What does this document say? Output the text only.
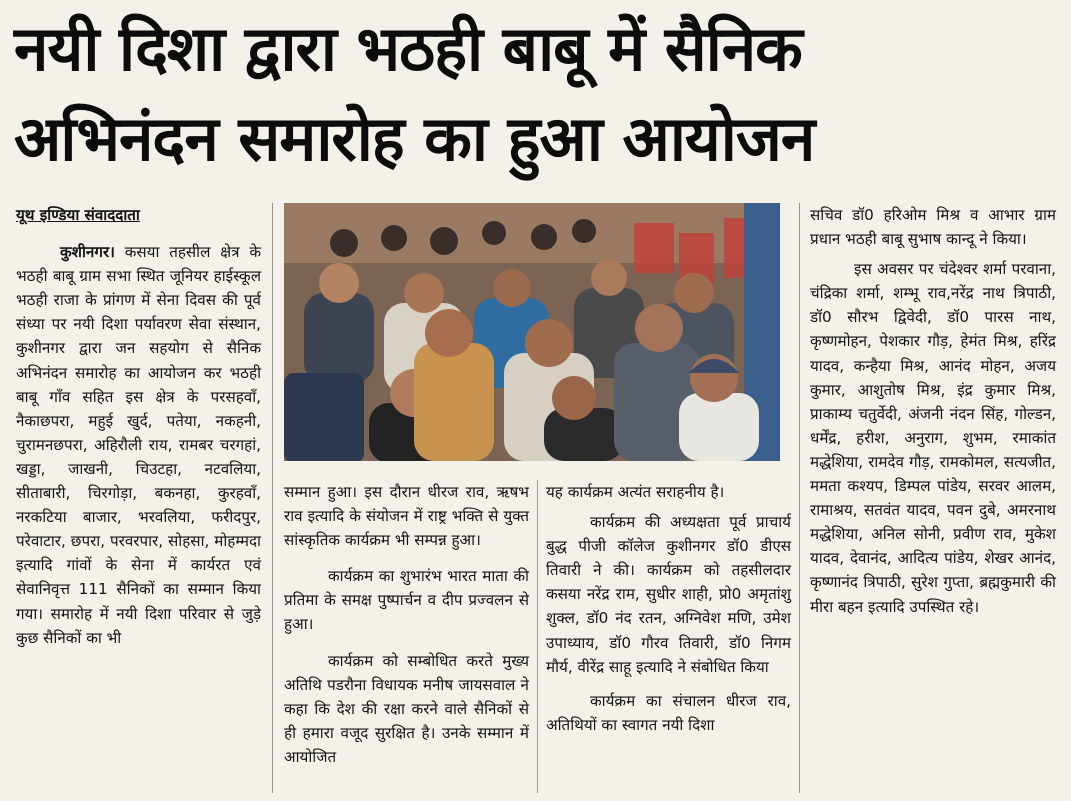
नयी दिशा द्वारा भठही बाबू में सैनिक
अभिनंदन समारोह का हुआ आयोजन

यूथ इण्डिया संवाददाता

कुशीनगर। कसया तहसील क्षेत्र के भठही बाबू ग्राम सभा स्थित जूनियर हाईस्कूल भठही राजा के प्रांगण में सेना दिवस की पूर्व संध्या पर नयी दिशा पर्यावरण सेवा संस्थान, कुशीनगर द्वारा जन सहयोग से सैनिक अभिनंदन समारोह का आयोजन कर भठही बाबू गाँव सहित इस क्षेत्र के परसहवाँ, नैकाछपरा, महुई खुर्द, पतेया, नकहनी, चुरामनछपरा, अहिरौली राय, रामबर चरगहां, खड्डा, जाखनी, चिउटहा, नटवलिया, सीताबारी, चिरगोड़ा, बकनहा, कुरहवाँ, नरकटिया बाजार, भरवलिया, फरीदपुर, परेवाटार, छपरा, परवरपार, सोहसा, मोहम्मदा इत्यादि गांवों के सेना में कार्यरत एवं सेवानिवृत्त 111 सैनिकों का सम्मान किया गया। समारोह में नयी दिशा परिवार से जुड़े कुछ सैनिकों का भी

सम्मान हुआ। इस दौरान धीरज राव, ऋषभ राव इत्यादि के संयोजन में राष्ट्र भक्ति से युक्त सांस्कृतिक कार्यक्रम भी सम्पन्न हुआ।

कार्यक्रम का शुभारंभ भारत माता की प्रतिमा के समक्ष पुष्पार्चन व दीप प्रज्वलन से हुआ।

कार्यक्रम को सम्बोधित करते मुख्य अतिथि पडरौना विधायक मनीष जायसवाल ने कहा कि देश की रक्षा करने वाले सैनिकों से ही हमारा वजूद सुरक्षित है। उनके सम्मान में आयोजित

यह कार्यक्रम अत्यंत सराहनीय है।

कार्यक्रम की अध्यक्षता पूर्व प्राचार्य बुद्ध पीजी कॉलेज कुशीनगर डॉ0 डीएस तिवारी ने की। कार्यक्रम को तहसीलदार कसया नरेंद्र राम, सुधीर शाही, प्रो0 अमृतांशु शुक्ल, डॉ0 नंद रतन, अग्निवेश मणि, उमेश उपाध्याय, डॉ0 गौरव तिवारी, डॉ0 निगम मौर्य, वीरेंद्र साहू इत्यादि ने संबोधित किया

कार्यक्रम का संचालन धीरज राव, अतिथियों का स्वागत नयी दिशा

सचिव डॉ0 हरिओम मिश्र व आभार ग्राम प्रधान भठही बाबू सुभाष कान्दू ने किया।

इस अवसर पर चंदेश्वर शर्मा परवाना, चंद्रिका शर्मा, शम्भू राव,नरेंद्र नाथ त्रिपाठी, डॉ0 सौरभ द्विवेदी, डॉ0 पारस नाथ, कृष्णमोहन, पेशकार गौड़, हेमंत मिश्र, हरिंद्र यादव, कन्हैया मिश्र, आनंद मोहन, अजय कुमार, आशुतोष मिश्र, इंद्र कुमार मिश्र, प्राकाम्य चतुर्वेदी, अंजनी नंदन सिंह, गोल्डन, धर्मेंद्र, हरीश, अनुराग, शुभम, रमाकांत मद्धेशिया, रामदेव गौड़, रामकोमल, सत्यजीत, ममता कश्यप, डिम्पल पांडेय, सरवर आलम, रामाश्रय, सतवंत यादव, पवन दुबे, अमरनाथ मद्धेशिया, अनिल सोनी, प्रवीण राव, मुकेश यादव, देवानंद, आदित्य पांडेय, शेखर आनंद, कृष्णानंद त्रिपाठी, सुरेश गुप्ता, ब्रह्मकुमारी की मीरा बहन इत्यादि उपस्थित रहे।
